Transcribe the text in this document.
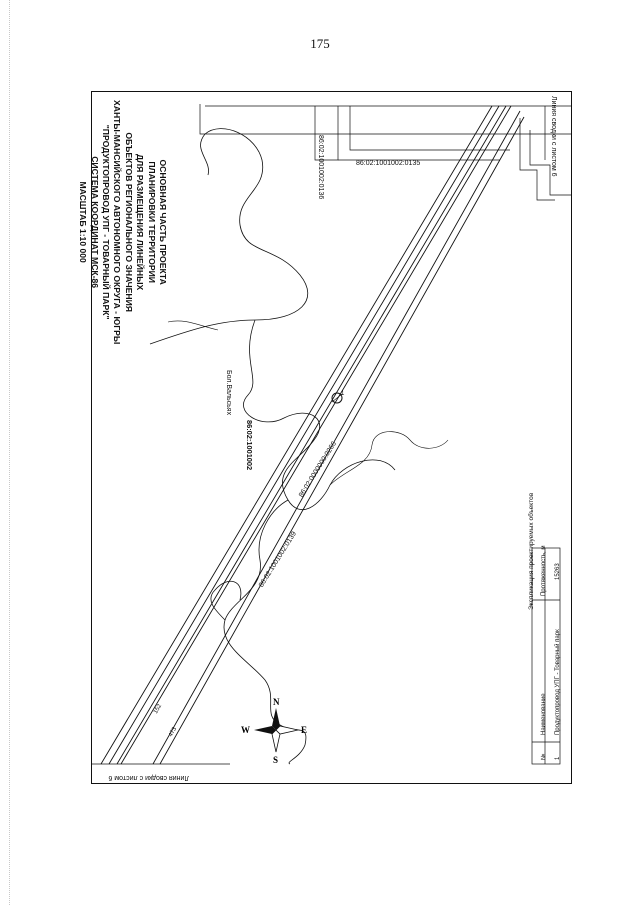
175
N
S
E
W
ОСНОВНАЯ ЧАСТЬ ПРОЕКТА
ПЛАНИРОВКИ ТЕРРИТОРИИ
ДЛЯ РАЗМЕЩЕНИЯ ЛИНЕЙНЫХ
ОБЪЕКТОВ РЕГИОНАЛЬНОГО ЗНАЧЕНИЯ
ХАНТЫ-МАНСИЙСКОГО АВТОНОМНОГО ОКРУГА - ЮГРЫ
"ПРОДУКТОПРОВОД УПГ - ТОВАРНЫЙ ПАРК"
СИСТЕМА КООРДИНАТ МСК-86
МАСШТАБ 1:10 000
Линия сводки с листом 6
Линия сводки с листом 6
86:02:1001002:0136	86:02:1001002:0135
86:02:1001002
Бол.Вальсьях
86:02:0000000:0266
86:02:1001002:0139
1
152
473
Экспликация проектируемых объектов
№
Наименование
Протяженность, м
1
Продуктопровод УПГ - Товарный парк
15263
